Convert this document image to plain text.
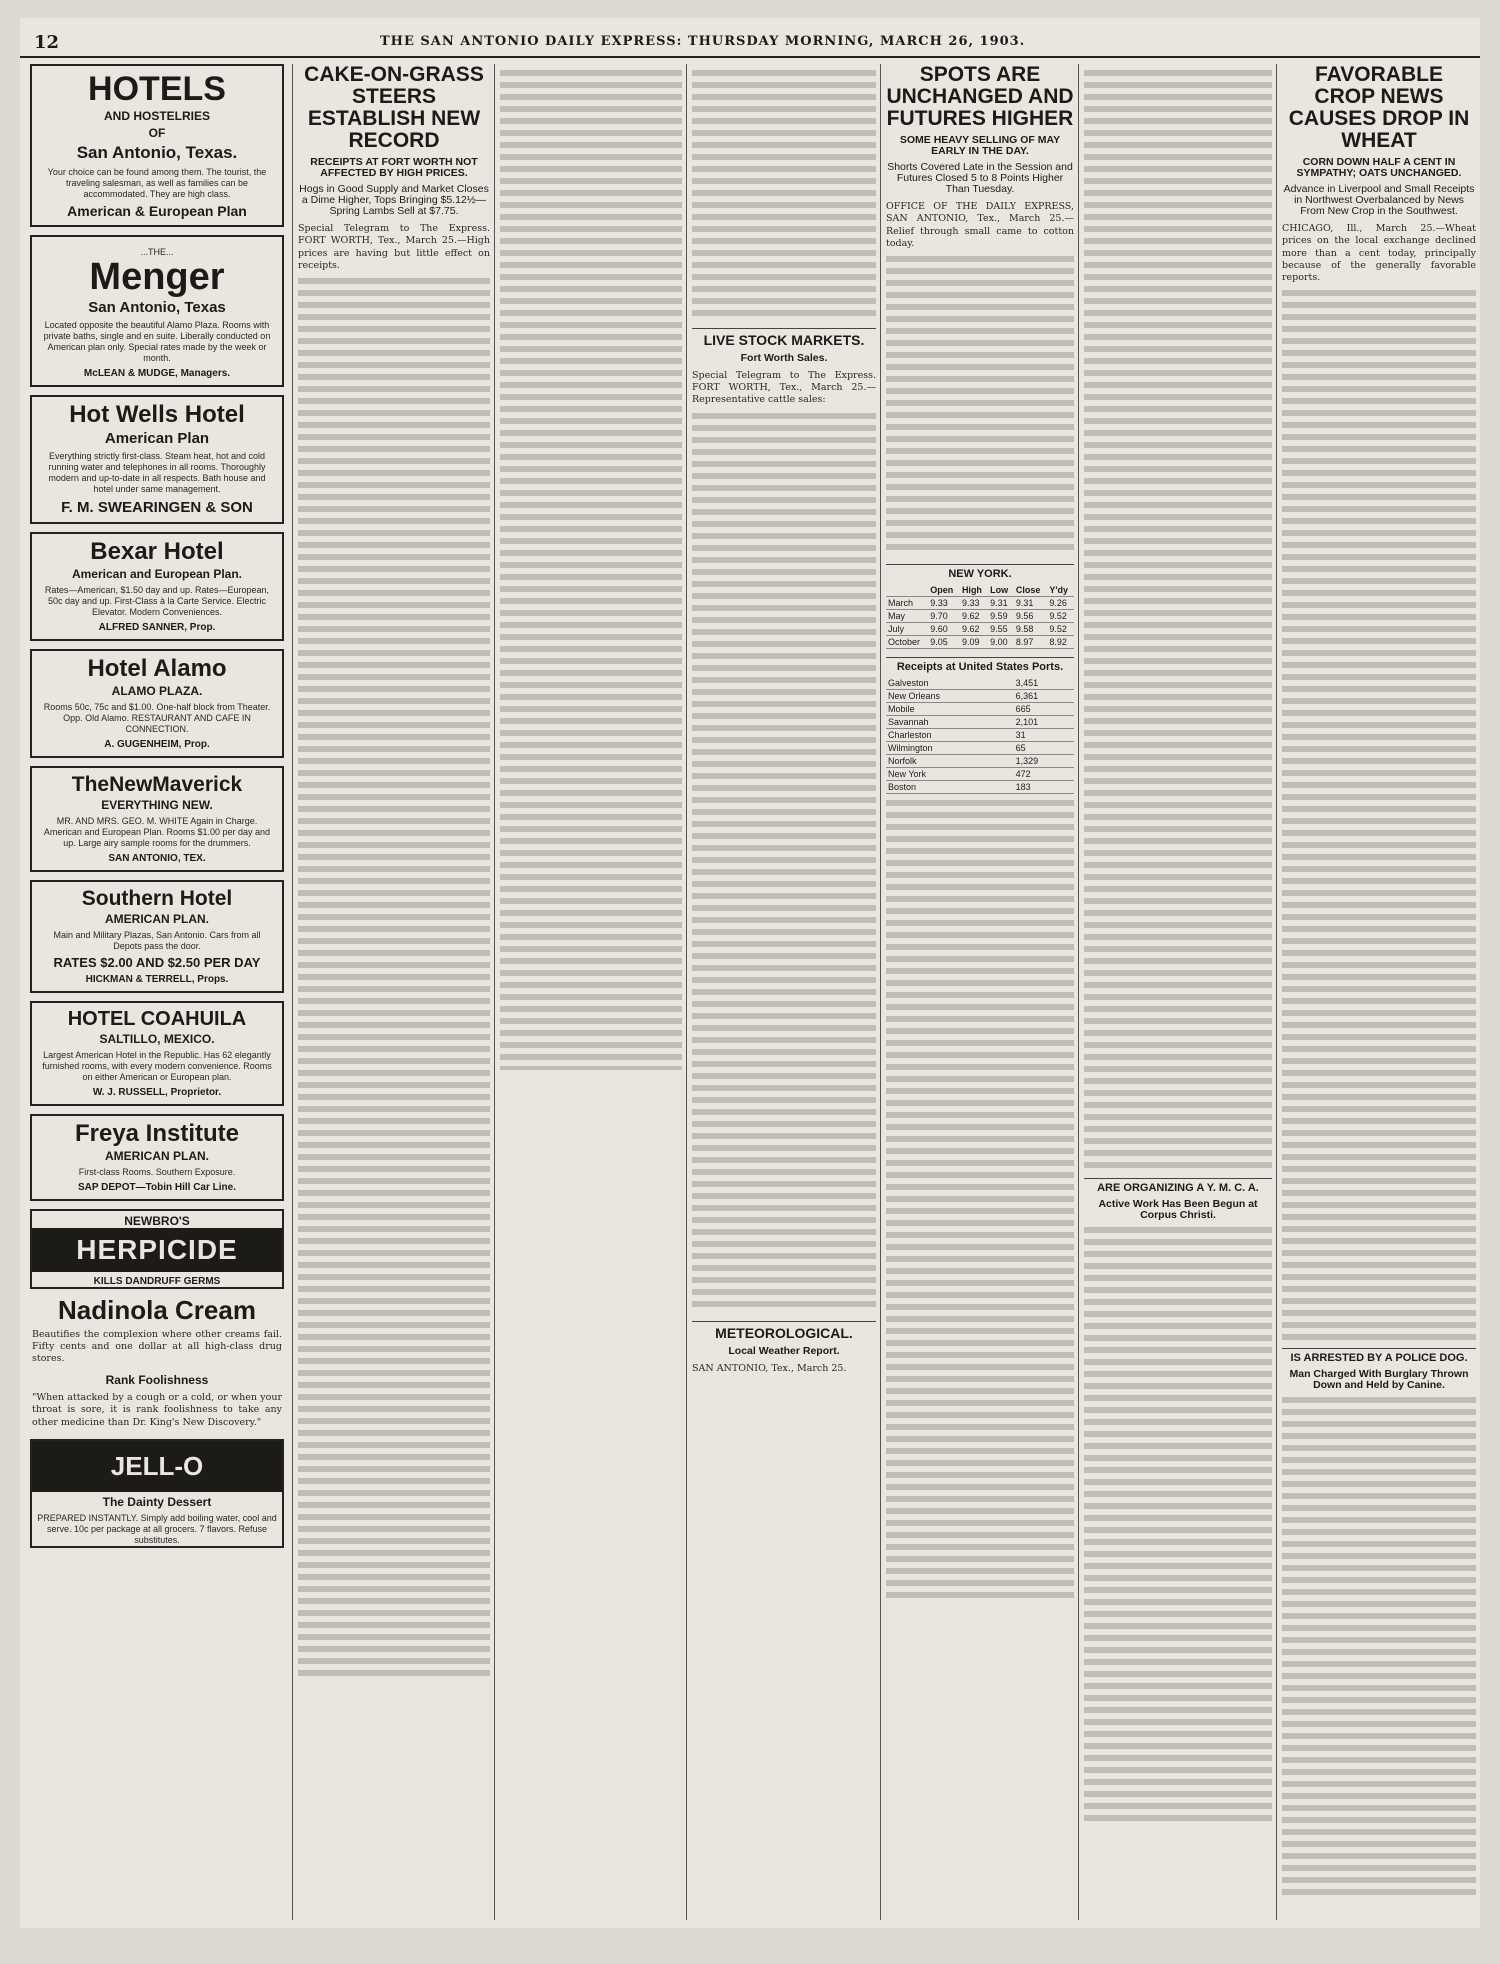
12	THE SAN ANTONIO DAILY EXPRESS: THURSDAY MORNING, MARCH 26, 1903.
HOTELS
AND HOSTELRIES
OF
San Antonio, Texas.
Your choice can be found among them. The tourist, the traveling salesman, as well as families can be accommodated. They are high class.
American & European Plan
...THE...
Menger
San Antonio, Texas
Located opposite the beautiful Alamo Plaza. Rooms with private baths, single and en suite. Liberally conducted on American plan only. Special rates made by the week or month.
McLEAN & MUDGE, Managers.
Hot Wells Hotel
American Plan
Everything strictly first-class. Steam heat, hot and cold running water and telephones in all rooms. Thoroughly modern and up-to-date in all respects. Bath house and hotel under same management.
F. M. SWEARINGEN & SON
Bexar Hotel
American and European Plan.
Rates—American, $1.50 day and up. Rates—European, 50c day and up. First-Class à la Carte Service. Electric Elevator. Modern Conveniences.
ALFRED SANNER, Prop.
Hotel Alamo
ALAMO PLAZA.
Rooms 50c, 75c and $1.00. One-half block from Theater. Opp. Old Alamo. RESTAURANT AND CAFE IN CONNECTION.
A. GUGENHEIM, Prop.
TheNewMaverick
EVERYTHING NEW.
MR. AND MRS. GEO. M. WHITE Again in Charge. American and European Plan. Rooms $1.00 per day and up. Large airy sample rooms for the drummers.
SAN ANTONIO, TEX.
Southern Hotel
AMERICAN PLAN.
Main and Military Plazas, San Antonio. Cars from all Depots pass the door.
RATES $2.00 AND $2.50 PER DAY
HICKMAN & TERRELL, Props.
HOTEL COAHUILA
SALTILLO, MEXICO.
Largest American Hotel in the Republic. Has 62 elegantly furnished rooms, with every modern convenience. Rooms on either American or European plan.
W. J. RUSSELL, Proprietor.
Freya Institute
AMERICAN PLAN.
First-class Rooms. Southern Exposure.
SAP DEPOT—Tobin Hill Car Line.
NEWBRO'S
HERPICIDE
KILLS DANDRUFF GERMS
Nadinola Cream
Beautifies the complexion where other creams fail. Fifty cents and one dollar at all high-class drug stores.
Rank Foolishness
"When attacked by a cough or a cold, or when your throat is sore, it is rank foolishness to take any other medicine than Dr. King's New Discovery."
JELL-O
The Dainty Dessert
PREPARED INSTANTLY. Simply add boiling water, cool and serve. 10c per package at all grocers. 7 flavors. Refuse substitutes.
CAKE-ON-GRASS STEERS ESTABLISH NEW RECORD
RECEIPTS AT FORT WORTH NOT AFFECTED BY HIGH PRICES.
Hogs in Good Supply and Market Closes a Dime Higher, Tops Bringing $5.12½—Spring Lambs Sell at $7.75.
Special Telegram to The Express. FORT WORTH, Tex., March 25.—High prices are having but little effect on receipts.
LIVE STOCK MARKETS.
Fort Worth Sales.
Special Telegram to The Express. FORT WORTH, Tex., March 25.—Representative cattle sales:
METEOROLOGICAL.
Local Weather Report.
SAN ANTONIO, Tex., March 25.
SPOTS ARE UNCHANGED AND FUTURES HIGHER
SOME HEAVY SELLING OF MAY EARLY IN THE DAY.
Shorts Covered Late in the Session and Futures Closed 5 to 8 Points Higher Than Tuesday.
OFFICE OF THE DAILY EXPRESS, SAN ANTONIO, Tex., March 25.—Relief through small came to cotton today.
NEW YORK.
	Open	High	Low	Close	Y'dy
March	9.33	9.33	9.31	9.31	9.26
May	9.70	9.62	9.59	9.56	9.52
July	9.60	9.62	9.55	9.58	9.52
October	9.05	9.09	9.00	8.97	8.92
Receipts at United States Ports.
Galveston	3,451
New Orleans	6,361
Mobile	665
Savannah	2,101
Charleston	31
Wilmington	65
Norfolk	1,329
New York	472
Boston	183
ARE ORGANIZING A Y. M. C. A.
Active Work Has Been Begun at Corpus Christi.
FAVORABLE CROP NEWS CAUSES DROP IN WHEAT
CORN DOWN HALF A CENT IN SYMPATHY; OATS UNCHANGED.
Advance in Liverpool and Small Receipts in Northwest Overbalanced by News From New Crop in the Southwest.
CHICAGO, Ill., March 25.—Wheat prices on the local exchange declined more than a cent today, principally because of the generally favorable reports.
IS ARRESTED BY A POLICE DOG.
Man Charged With Burglary Thrown Down and Held by Canine.
